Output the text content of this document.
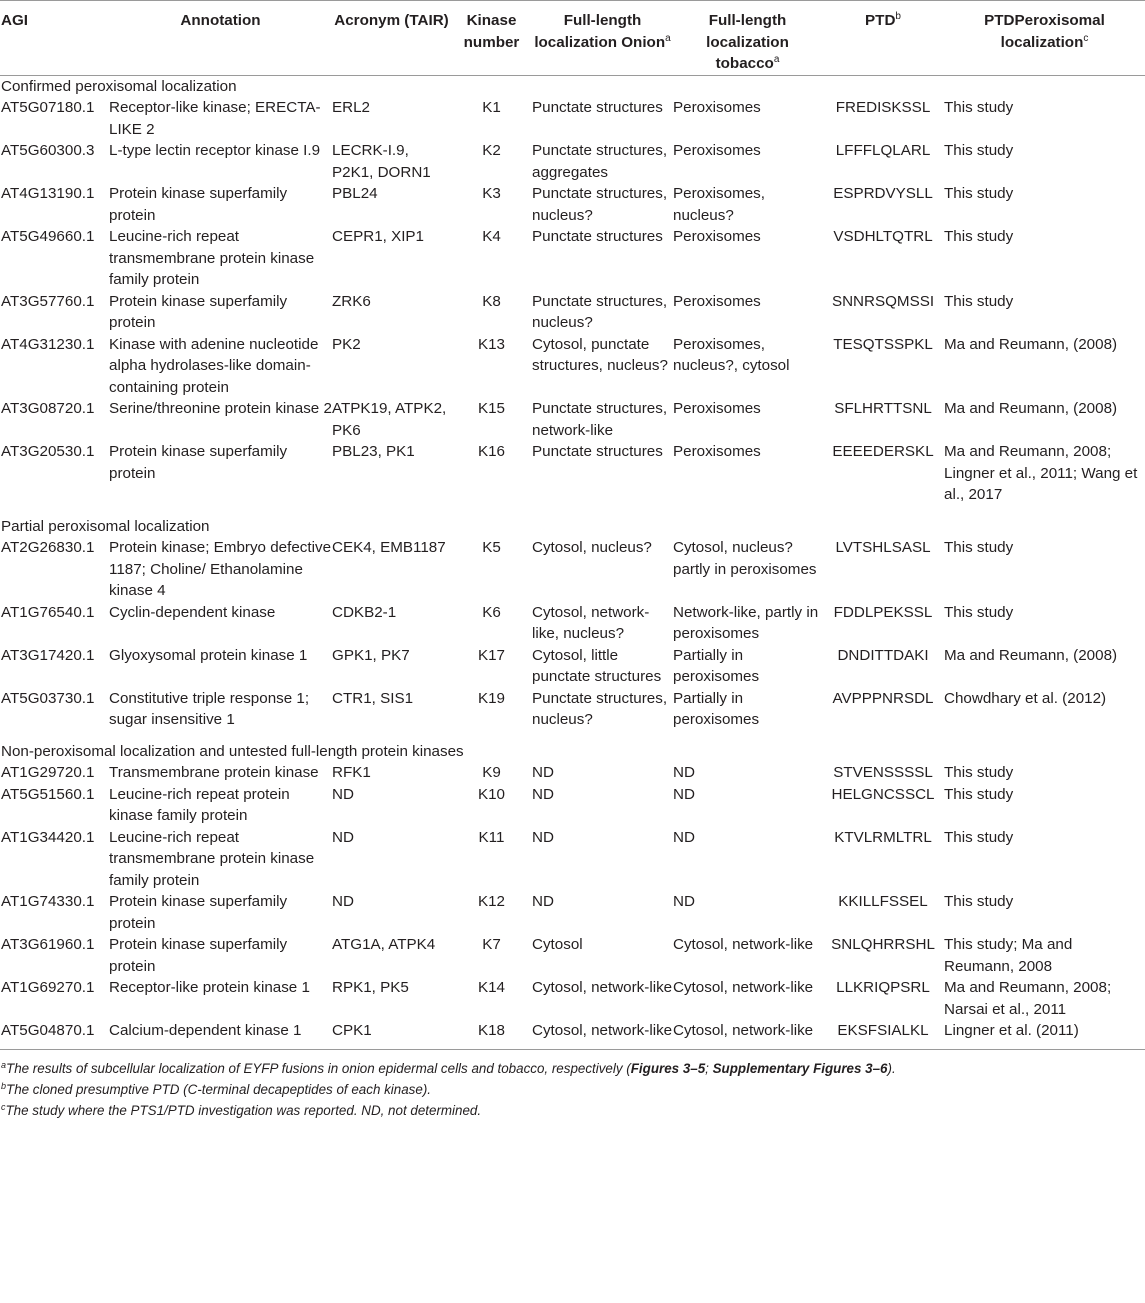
AGI	Annotation	Acronym (TAIR)	Kinase number	Full-length localization Onion$^a$	Full-length localization tobacco$^a$	PTD$^b$	PTDPeroxisomal localization$^c$
Confirmed peroxisomal localization							
AT5G07180.1	Receptor-like kinase; ERECTA-LIKE 2	ERL2	K1	Punctate structures	Peroxisomes	FREDISKSSL	This study
AT5G60300.3	L-type lectin receptor kinase I.9	LECRK-I.9, P2K1, DORN1	K2	Punctate structures, aggregates	Peroxisomes	LFFFLQLARL	This study
AT4G13190.1	Protein kinase superfamily protein	PBL24	K3	Punctate structures, nucleus?	Peroxisomes, nucleus?	ESPRDVYSLL	This study
AT5G49660.1	Leucine-rich repeat transmembrane protein kinase family protein	CEPR1, XIP1	K4	Punctate structures	Peroxisomes	VSDHLTQTRL	This study
AT3G57760.1	Protein kinase superfamily protein	ZRK6	K8	Punctate structures, nucleus?	Peroxisomes	SNNRSQMSSI	This study
AT4G31230.1	Kinase with adenine nucleotide alpha hydrolases-like domain-containing protein	PK2	K13	Cytosol, punctate structures, nucleus?	Peroxisomes, nucleus?, cytosol	TESQTSSPKL	Ma and Reumann, (2008)
AT3G08720.1	Serine/threonine protein kinase 2	ATPK19, ATPK2, PK6	K15	Punctate structures, network-like	Peroxisomes	SFLHRTTSNL	Ma and Reumann, (2008)
AT3G20530.1	Protein kinase superfamily protein	PBL23, PK1	K16	Punctate structures	Peroxisomes	EEEEDERSKL	Ma and Reumann, 2008; Lingner et al., 2011; Wang et al., 2017

Partial peroxisomal localization							
AT2G26830.1	Protein kinase; Embryo defective 1187; Choline/ Ethanolamine kinase 4	CEK4, EMB1187	K5	Cytosol, nucleus?	Cytosol, nucleus? partly in peroxisomes	LVTSHLSASL	This study
AT1G76540.1	Cyclin-dependent kinase	CDKB2-1	K6	Cytosol, network-like, nucleus?	Network-like, partly in peroxisomes	FDDLPEKSSL	This study
AT3G17420.1	Glyoxysomal protein kinase 1	GPK1, PK7	K17	Cytosol, little punctate structures	Partially in peroxisomes	DNDITTDAKI	Ma and Reumann, (2008)
AT5G03730.1	Constitutive triple response 1; sugar insensitive 1	CTR1, SIS1	K19	Punctate structures, nucleus?	Partially in peroxisomes	AVPPPNRSDL	Chowdhary et al. (2012)

Non-peroxisomal localization and untested full-length protein kinases							
AT1G29720.1	Transmembrane protein kinase	RFK1	K9	ND	ND	STVENSSSSL	This study
AT5G51560.1	Leucine-rich repeat protein kinase family protein	ND	K10	ND	ND	HELGNCSSCL	This study
AT1G34420.1	Leucine-rich repeat transmembrane protein kinase family protein	ND	K11	ND	ND	KTVLRMLTRL	This study
AT1G74330.1	Protein kinase superfamily protein	ND	K12	ND	ND	KKILLFSSEL	This study
AT3G61960.1	Protein kinase superfamily protein	ATG1A, ATPK4	K7	Cytosol	Cytosol, network-like	SNLQHRRSHL	This study; Ma and Reumann, 2008
AT1G69270.1	Receptor-like protein kinase 1	RPK1, PK5	K14	Cytosol, network-like	Cytosol, network-like	LLKRIQPSRL	Ma and Reumann, 2008; Narsai et al., 2011
AT5G04870.1	Calcium-dependent kinase 1	CPK1	K18	Cytosol, network-like	Cytosol, network-like	EKSFSIALKL	Lingner et al. (2011)
$^a$The results of subcellular localization of EYFP fusions in onion epidermal cells and tobacco, respectively (Figures 3–5; Supplementary Figures 3–6).
$^b$The cloned presumptive PTD (C-terminal decapeptides of each kinase).
$^c$The study where the PTS1/PTD investigation was reported. ND, not determined.
